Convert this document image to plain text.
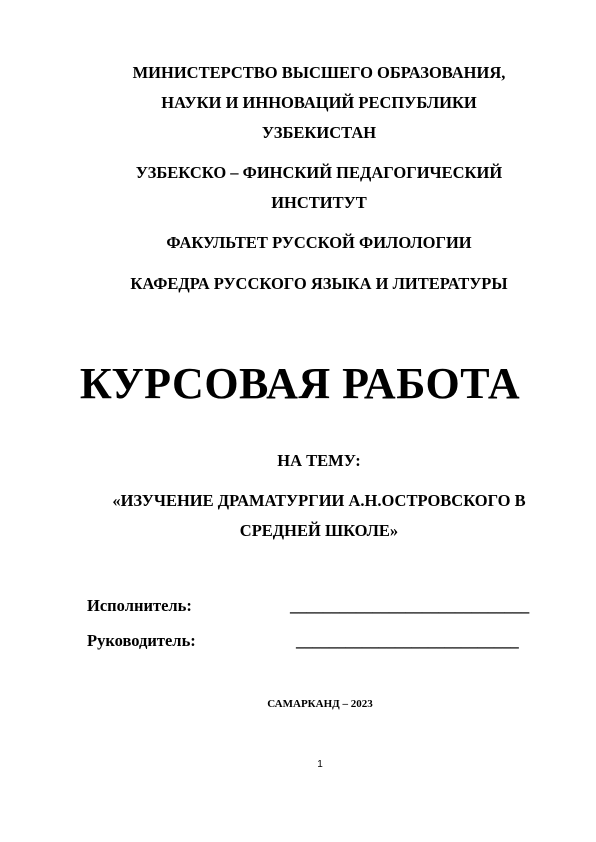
МИНИСТЕРСТВО ВЫСШЕГО ОБРАЗОВАНИЯ,
НАУКИ И ИННОВАЦИЙ РЕСПУБЛИКИ
УЗБЕКИСТАН
УЗБЕКСКО – ФИНСКИЙ ПЕДАГОГИЧЕСКИЙ
ИНСТИТУТ
ФАКУЛЬТЕТ РУССКОЙ ФИЛОЛОГИИ
КАФЕДРА РУССКОГО ЯЗЫКА И ЛИТЕРАТУРЫ
КУРСОВАЯ РАБОТА
НА ТЕМУ:
«ИЗУЧЕНИЕ ДРАМАТУРГИИ А.Н.ОСТРОВСКОГО В
СРЕДНЕЙ ШКОЛЕ»
Исполнитель:	_____________________________
Руководитель:	___________________________
САМАРКАНД – 2023
1
